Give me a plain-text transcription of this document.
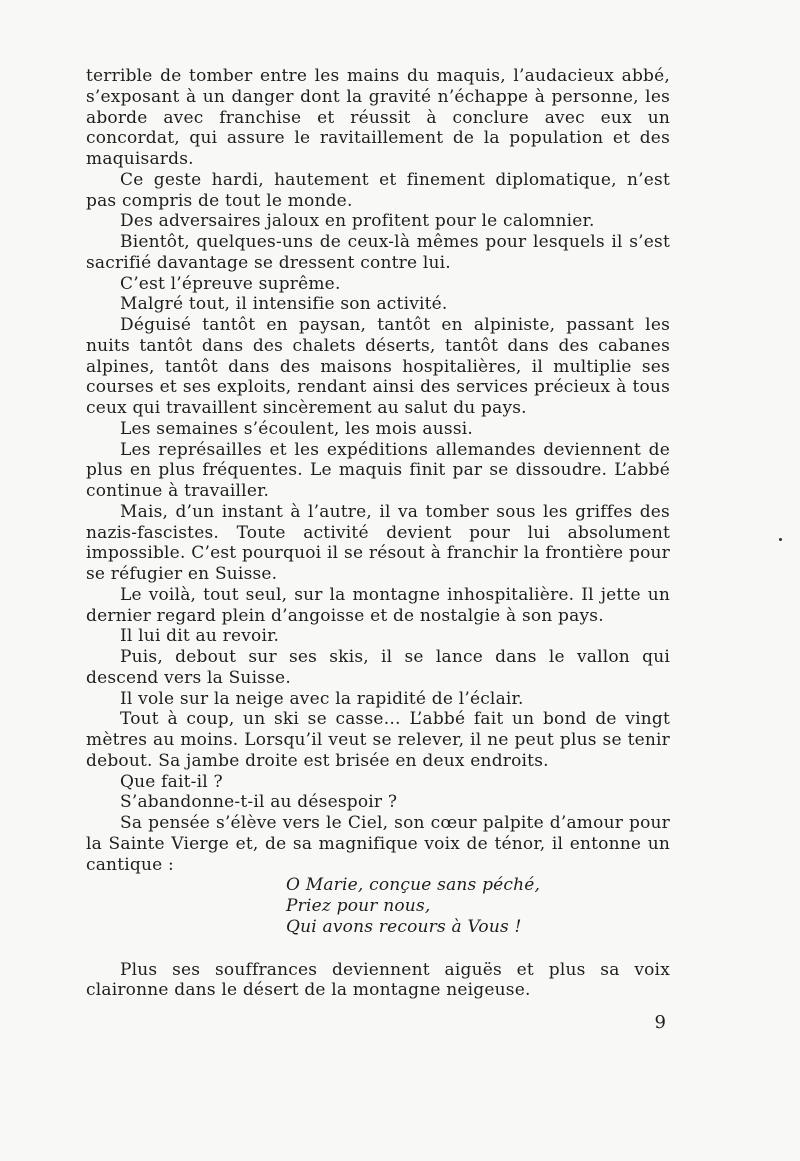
terrible de tomber entre les mains du maquis, l’audacieux abbé, s’exposant à un danger dont la gravité n’échappe à personne, les aborde avec franchise et réussit à conclure avec eux un concordat, qui assure le ravitaillement de la population et des maquisards.

Ce geste hardi, hautement et finement diplomatique, n’est pas compris de tout le monde.

Des adversaires jaloux en profitent pour le calomnier.

Bientôt, quelques-uns de ceux-là mêmes pour lesquels il s’est sacrifié davantage se dressent contre lui.

C’est l’épreuve suprême.

Malgré tout, il intensifie son activité.

Déguisé tantôt en paysan, tantôt en alpiniste, passant les nuits tantôt dans des chalets déserts, tantôt dans des cabanes alpines, tantôt dans des maisons hospitalières, il multiplie ses courses et ses exploits, rendant ainsi des services précieux à tous ceux qui travaillent sincèrement au salut du pays.

Les semaines s’écoulent, les mois aussi.

Les représailles et les expéditions allemandes deviennent de plus en plus fréquentes. Le maquis finit par se dissoudre. L’abbé continue à travailler.

Mais, d’un instant à l’autre, il va tomber sous les griffes des nazis-fascistes. Toute activité devient pour lui absolument impossible. C’est pourquoi il se résout à franchir la frontière pour se réfugier en Suisse.

Le voilà, tout seul, sur la montagne inhospitalière. Il jette un dernier regard plein d’angoisse et de nostalgie à son pays.

Il lui dit au revoir.

Puis, debout sur ses skis, il se lance dans le vallon qui descend vers la Suisse.

Il vole sur la neige avec la rapidité de l’éclair.

Tout à coup, un ski se casse… L’abbé fait un bond de vingt mètres au moins. Lorsqu’il veut se relever, il ne peut plus se tenir debout. Sa jambe droite est brisée en deux endroits.

Que fait-il ?

S’abandonne-t-il au désespoir ?

Sa pensée s’élève vers le Ciel, son cœur palpite d’amour pour la Sainte Vierge et, de sa magnifique voix de ténor, il entonne un cantique :

O Marie, conçue sans péché,
Priez pour nous,
Qui avons recours à Vous !

Plus ses souffrances deviennent aiguës et plus sa voix claironne dans le désert de la montagne neigeuse.

9
